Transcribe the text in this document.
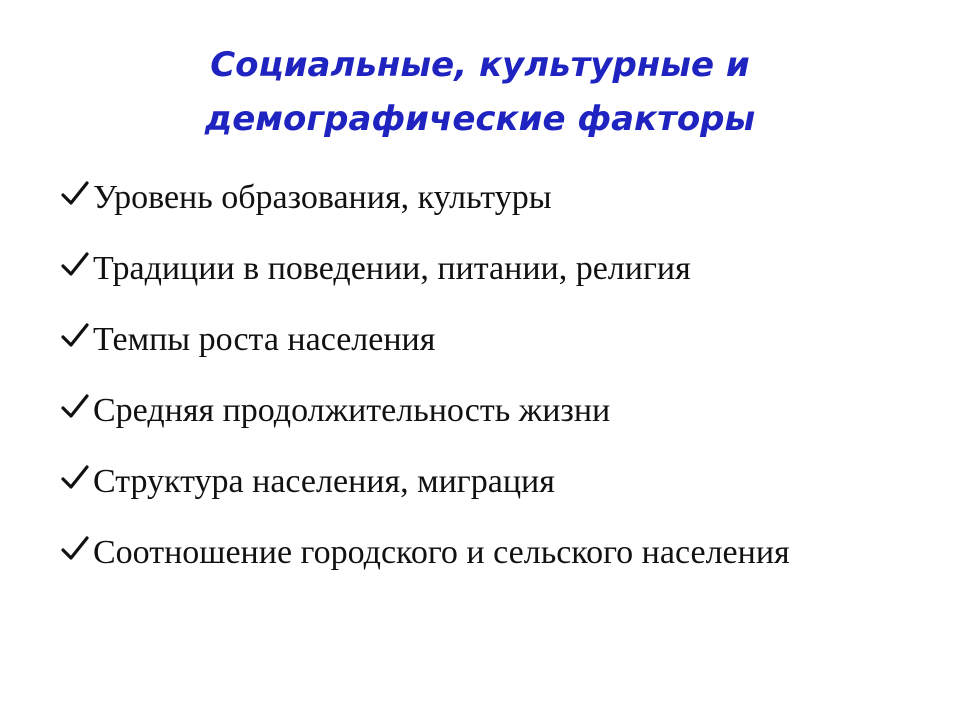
Социальные, культурные и
демографические факторы
Уровень образования, культуры
Традиции в поведении, питании, религия
Темпы роста населения
Средняя продолжительность жизни
Структура населения, миграция
Соотношение городского и сельского населения
